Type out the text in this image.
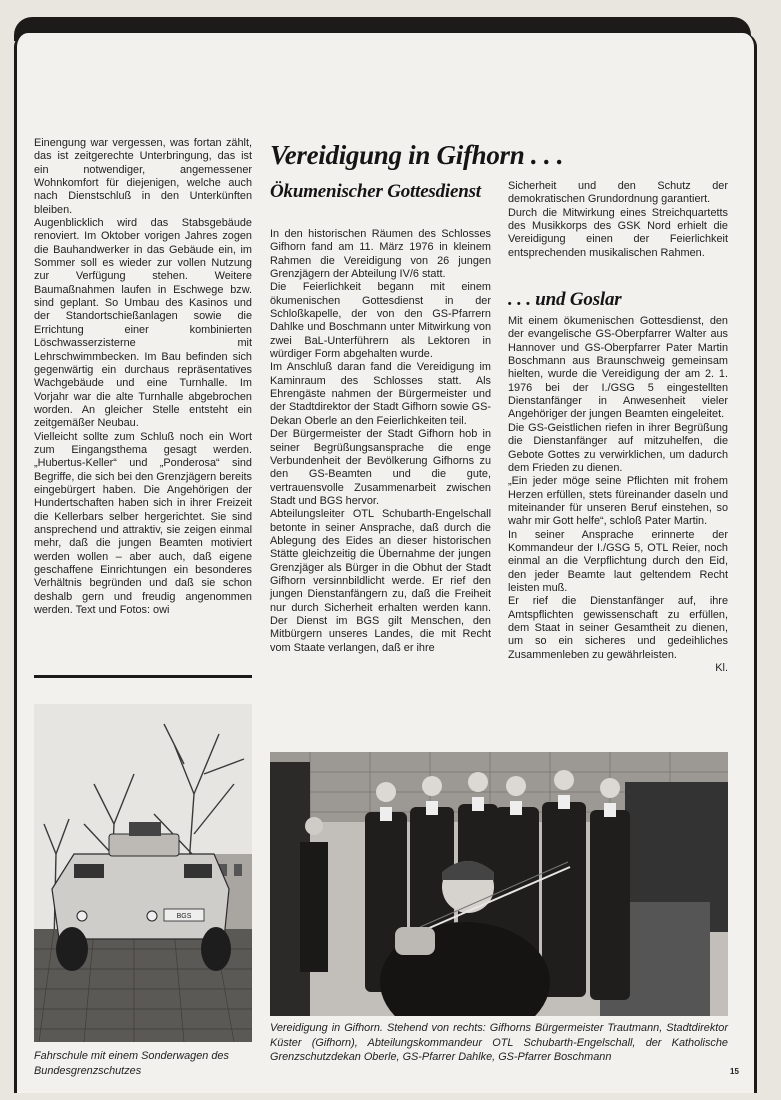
Einengung war vergessen, was fortan zählt, das ist zeitgerechte Unterbringung, das ist ein notwendiger, angemessener Wohnkomfort für diejenigen, welche auch nach Dienstschluß in den Unterkünften bleiben.

Augenblicklich wird das Stabsgebäude renoviert. Im Oktober vorigen Jahres zogen die Bauhandwerker in das Gebäude ein, im Sommer soll es wieder zur vollen Nutzung zur Verfügung stehen. Weitere Baumaßnahmen laufen in Eschwege bzw. sind geplant. So Umbau des Kasinos und der Standortschießanlagen sowie die Errichtung einer kombinierten Löschwasserzisterne mit Lehrschwimmbecken. Im Bau befinden sich gegenwärtig ein durchaus repräsentatives Wachgebäude und eine Turnhalle. Im Vorjahr war die alte Turnhalle abgebrochen worden. An gleicher Stelle entsteht ein zeitgemäßer Neubau.

Vielleicht sollte zum Schluß noch ein Wort zum Eingangsthema gesagt werden. „Hubertus-Keller“ und „Ponderosa“ sind Begriffe, die sich bei den Grenzjägern bereits eingebürgert haben. Die Angehörigen der Hundertschaften haben sich in ihrer Freizeit die Kellerbars selber hergerichtet. Sie sind ansprechend und attraktiv, sie zeigen einmal mehr, daß die jungen Beamten motiviert werden wollen – aber auch, daß eigene geschaffene Einrichtungen ein besonderes Verhältnis begründen und daß sie schon deshalb gern und freudig angenommen werden. Text und Fotos: owi

Vereidigung in Gifhorn . . .
Ökumenischer Gottesdienst

In den historischen Räumen des Schlosses Gifhorn fand am 11. März 1976 in kleinem Rahmen die Vereidigung von 26 jungen Grenzjägern der Abteilung IV/6 statt.

Die Feierlichkeit begann mit einem ökumenischen Gottesdienst in der Schloßkapelle, der von den GS-Pfarrern Dahlke und Boschmann unter Mitwirkung von zwei BaL-Unterführern als Lektoren in würdiger Form abgehalten wurde.

Im Anschluß daran fand die Vereidigung im Kaminraum des Schlosses statt. Als Ehrengäste nahmen der Bürgermeister und der Stadtdirektor der Stadt Gifhorn sowie GS-Dekan Oberle an den Feierlichkeiten teil.

Der Bürgermeister der Stadt Gifhorn hob in seiner Begrüßungsansprache die enge Verbundenheit der Bevölkerung Gifhorns zu den GS-Beamten und die gute, vertrauensvolle Zusammenarbeit zwischen Stadt und BGS hervor.

Abteilungsleiter OTL Schubarth-Engelschall betonte in seiner Ansprache, daß durch die Ablegung des Eides an dieser historischen Stätte gleichzeitig die Übernahme der jungen Grenzjäger als Bürger in die Obhut der Stadt Gifhorn versinnbildlicht werde. Er rief den jungen Dienstanfängern zu, daß die Freiheit nur durch Sicherheit erhalten werden kann. Der Dienst im BGS gilt Menschen, den Mitbürgern unseres Landes, die mit Recht vom Staate verlangen, daß er ihre

Sicherheit und den Schutz der demokratischen Grundordnung garantiert.

Durch die Mitwirkung eines Streichquartetts des Musikkorps des GSK Nord erhielt die Vereidigung einen der Feierlichkeit entsprechenden musikalischen Rahmen.

Mit einem ökumenischen Gottesdienst, den der evangelische GS-Oberpfarrer Walter aus Hannover und GS-Oberpfarrer Pater Martin Boschmann aus Braunschweig gemeinsam hielten, wurde die Vereidigung der am 2. 1. 1976 bei der I./GSG 5 eingestellten Dienstanfänger in Anwesenheit vieler Angehöriger der jungen Beamten eingeleitet.

Die GS-Geistlichen riefen in ihrer Begrüßung die Dienstanfänger auf mitzuhelfen, die Gebote Gottes zu verwirklichen, um dadurch dem Frieden zu dienen.

„Ein jeder möge seine Pflichten mit frohem Herzen erfüllen, stets füreinander daseln und miteinander für unseren Beruf einstehen, so wahr mir Gott helfe“, schloß Pater Martin.

In seiner Ansprache erinnerte der Kommandeur der I./GSG 5, OTL Reier, noch einmal an die Verpflichtung durch den Eid, den jeder Beamte laut geltendem Recht leisten muß.

Er rief die Dienstanfänger auf, ihre Amtspflichten gewissenschaft zu erfüllen, dem Staat in seiner Gesamtheit zu dienen, um so ein sicheres und gedeihliches Zusammenleben zu gewährleisten.

Kl.

. . . und Goslar
BGS
Fahrschule mit einem Sonderwagen des Bundesgrenzschutzes
Vereidigung in Gifhorn. Stehend von rechts: Gifhorns Bürgermeister Trautmann, Stadtdirektor Küster (Gifhorn), Abteilungskommandeur OTL Schubarth-Engelschall, der Katholische Grenzschutzdekan Oberle, GS-Pfarrer Dahlke, GS-Pfarrer Boschmann
15
